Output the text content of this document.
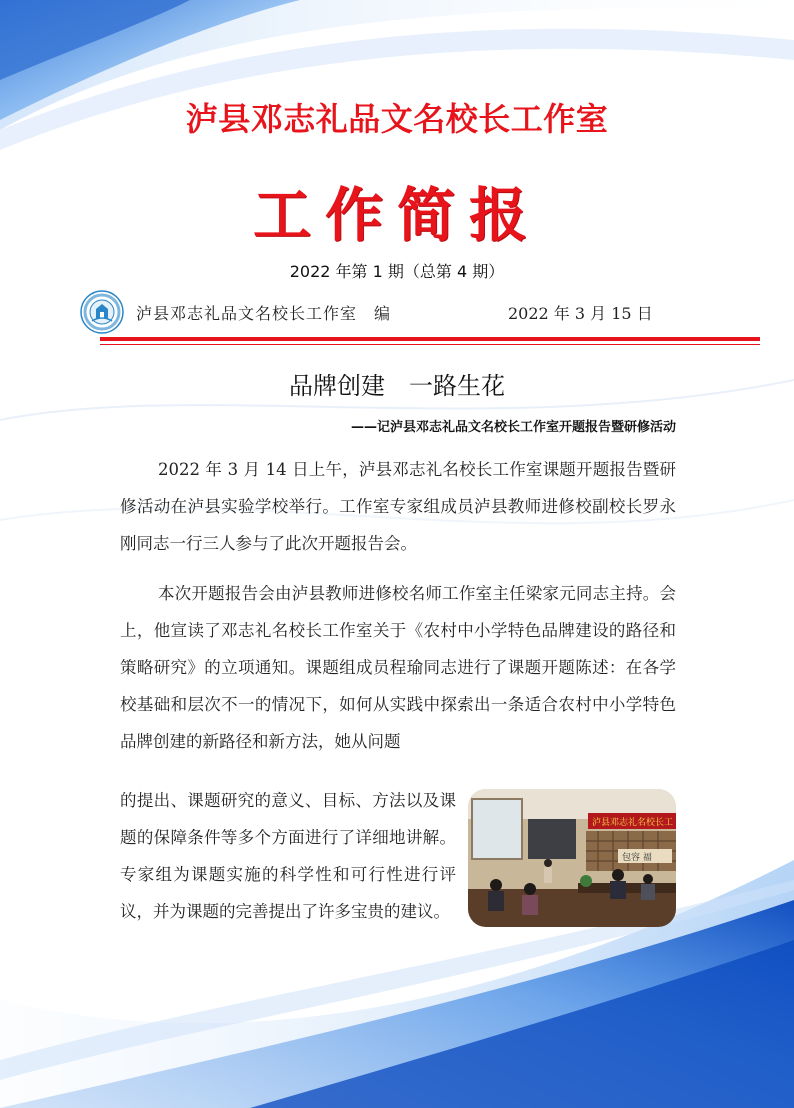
泸县邓志礼品文名校长工作室
工作简报
2022 年第 1 期（总第 4 期）
泸县邓志礼品文名校长工作室　编	2022 年 3 月 15 日
品牌创建　一路生花
——记泸县邓志礼品文名校长工作室开题报告暨研修活动
2022 年 3 月 14 日上午，泸县邓志礼名校长工作室课题开题报告暨研修活动在泸县实验学校举行。工作室专家组成员泸县教师进修校副校长罗永刚同志一行三人参与了此次开题报告会。
本次开题报告会由泸县教师进修校名师工作室主任梁家元同志主持。会上，他宣读了邓志礼名校长工作室关于《农村中小学特色品牌建设的路径和策略研究》的立项通知。课题组成员程瑜同志进行了课题开题陈述：在各学校基础和层次不一的情况下，如何从实践中探索出一条适合农村中小学特色品牌创建的新路径和新方法，她从问题
的提出、课题研究的意义、目标、方法以及课题的保障条件等多个方面进行了详细地讲解。专家组为课题实施的科学性和可行性进行评议，并为课题的完善提出了许多宝贵的建议。
泸县邓志礼名校长工
包容 福
